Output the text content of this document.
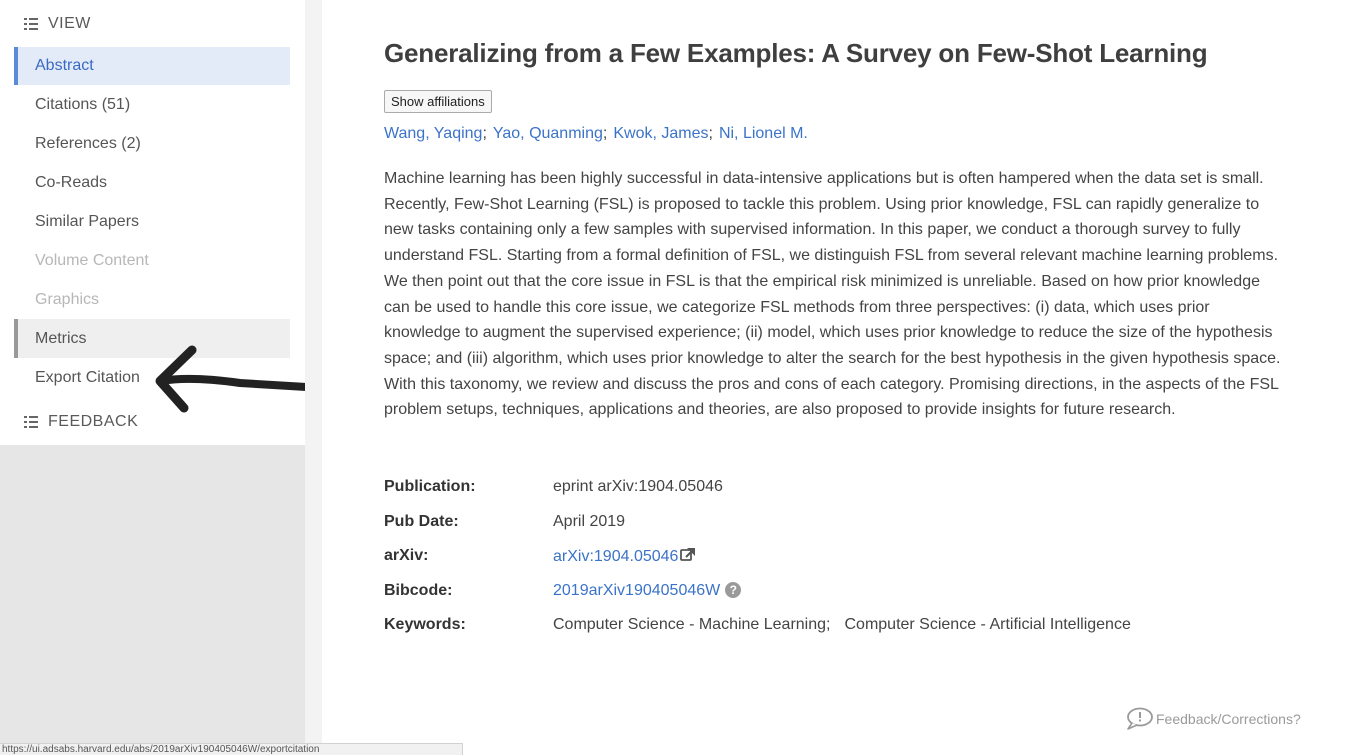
VIEW
Abstract
Citations (51)
References (2)
Co-Reads
Similar Papers
Volume Content
Graphics
Metrics
Export Citation
FEEDBACK
Generalizing from a Few Examples: A Survey on Few-Shot Learning
Show affiliations
Wang, Yaqing; Yao, Quanming; Kwok, James; Ni, Lionel M.

Machine learning has been highly successful in data-intensive applications but is often hampered when the data set is small. Recently, Few-Shot Learning (FSL) is proposed to tackle this problem. Using prior knowledge, FSL can rapidly generalize to new tasks containing only a few samples with supervised information. In this paper, we conduct a thorough survey to fully understand FSL. Starting from a formal definition of FSL, we distinguish FSL from several relevant machine learning problems. We then point out that the core issue in FSL is that the empirical risk minimized is unreliable. Based on how prior knowledge can be used to handle this core issue, we categorize FSL methods from three perspectives: (i) data, which uses prior knowledge to augment the supervised experience; (ii) model, which uses prior knowledge to reduce the size of the hypothesis space; and (iii) algorithm, which uses prior knowledge to alter the search for the best hypothesis in the given hypothesis space. With this taxonomy, we review and discuss the pros and cons of each category. Promising directions, in the aspects of the FSL problem setups, techniques, applications and theories, are also proposed to provide insights for future research.

Publication:	eprint arXiv:1904.05046
Pub Date:	April 2019
arXiv:	arXiv:1904.05046
Bibcode:	2019arXiv190405046W ?
Keywords:	Computer Science - Machine Learning; Computer Science - Artificial Intelligence
Feedback/Corrections?
https://ui.adsabs.harvard.edu/abs/2019arXiv190405046W/exportcitation
